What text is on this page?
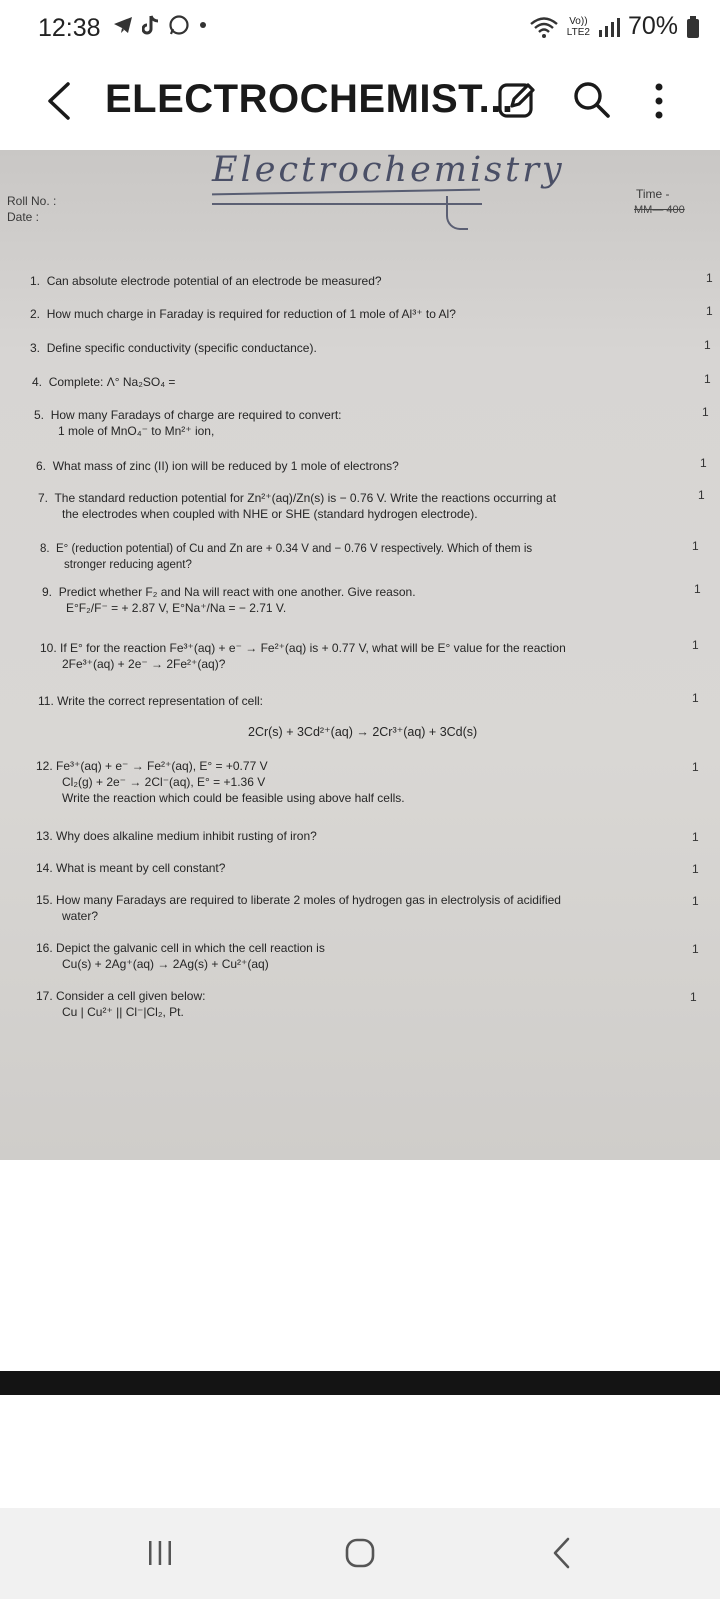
12:38	Vo))
LTE2 70%
ELECTROCHEMIST...
Electrochemistry
Roll No. :
Date :
Time -
MM— 400
1. Can absolute electrode potential of an electrode be measured?	1
2. How much charge in Faraday is required for reduction of 1 mole of Al³⁺ to Al?	1
3. Define specific conductivity (specific conductance).	1
4. Complete: Λ° Na₂SO₄ =	1
5. How many Faradays of charge are required to convert:
1 mole of MnO₄⁻ to Mn²⁺ ion,
1
6. What mass of zinc (II) ion will be reduced by 1 mole of electrons?	1
7. The standard reduction potential for Zn²⁺(aq)/Zn(s) is − 0.76 V. Write the reactions occurring at
the electrodes when coupled with NHE or SHE (standard hydrogen electrode).
1
8. E° (reduction potential) of Cu and Zn are + 0.34 V and − 0.76 V respectively. Which of them is
stronger reducing agent?
1
9. Predict whether F₂ and Na will react with one another. Give reason.
E°F₂/F⁻ = + 2.87 V, E°Na⁺/Na = − 2.71 V.
1
10. If E° for the reaction Fe³⁺(aq) + e⁻ → Fe²⁺(aq) is + 0.77 V, what will be E° value for the reaction
2Fe³⁺(aq) + 2e⁻ → 2Fe²⁺(aq)?
1
11. Write the correct representation of cell:	1
2Cr(s) + 3Cd²⁺(aq) → 2Cr³⁺(aq) + 3Cd(s)
12. Fe³⁺(aq) + e⁻ → Fe²⁺(aq), E° = +0.77 V
Cl₂(g) + 2e⁻ → 2Cl⁻(aq), E° = +1.36 V
Write the reaction which could be feasible using above half cells.
1
13. Why does alkaline medium inhibit rusting of iron?	1
14. What is meant by cell constant?	1
15. How many Faradays are required to liberate 2 moles of hydrogen gas in electrolysis of acidified
water?
1
16. Depict the galvanic cell in which the cell reaction is
Cu(s) + 2Ag⁺(aq) → 2Ag(s) + Cu²⁺(aq)
1
17. Consider a cell given below:
Cu | Cu²⁺ || Cl⁻|Cl₂, Pt.
1
